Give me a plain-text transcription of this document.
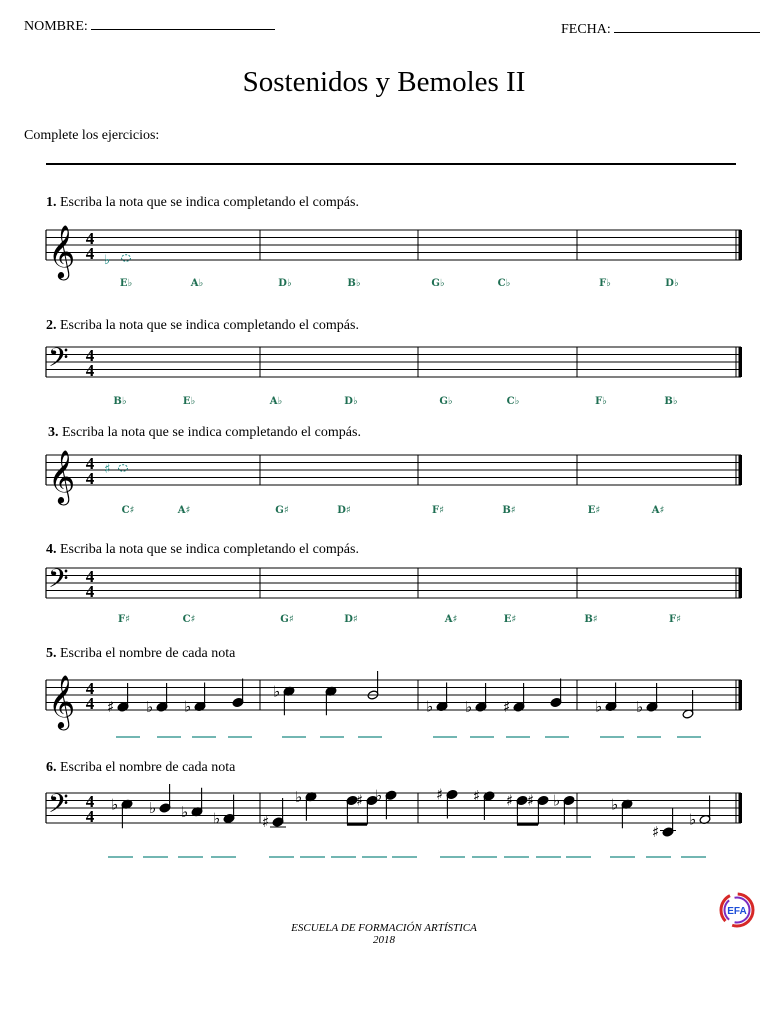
NOMBRE:	FECHA:
Sostenidos y Bemoles II
Complete los ejercicios:
1. Escriba la nota que se indica completando el compás.
2. Escriba la nota que se indica completando el compás.
3. Escriba la nota que se indica completando el compás.
4. Escriba la nota que se indica completando el compás.
5. Escriba el nombre de cada nota
6. Escriba el nombre de cada nota
𝄞 4
4
𝄢 4
4
𝄞 4
4
𝄢 4
4
𝄞 4
4
𝄢 4
4
E♭	A♭	D♭	B♭	G♭	C♭	F♭	D♭
B♭	E♭	A♭	D♭	G♭	C♭	F♭	B♭
C♯	A♯	G♯	D♯	F♯	B♯	E♯	A♯
F♯	C♯	G♯	D♯	A♯	E♯	B♯	F♯
♭
♯
♯ ♭ ♭
♭
♭ ♭ ♯	♭ ♭
♭ ♭ ♭ ♭	♯
♭	♯ ♭	♯ ♯ ♯ ♯ ♭	♭
♯
♭
ESCUELA DE FORMACIÓN ARTÍSTICA
2018
EFA
